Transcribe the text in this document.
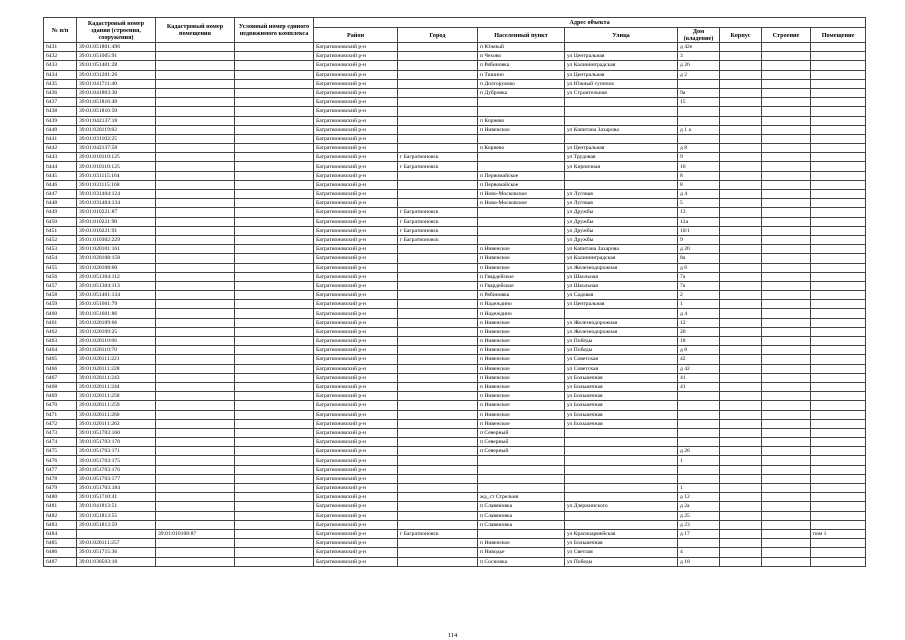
№ п/п	Кадастровый номер здания (строения, сооружения)	Кадастровый номер помещения	Условный номер единого недвижимого комплекса	Адрес объекта							
				Район	Город	Населенный пункт	Улица	Дом (владение)	Корпус	Строение	Помещение
6431	39:01:051801:496			Багратионовский р-н		п Южный		д 42е			
6432	39:01:051005:91			Багратионовский р-н		п Чехово	ул Центральная	3			
6433	39:01:051401:28			Багратионовский р-н		п Рябиновка	ул Калининградская	д 26			
6434	39:01:031201:26			Багратионовский р-н		п Тишино	ул Центральная	д 2			
6435	39:01:041711:40			Багратионовский р-н		п Долгоруково	ул Южный тупичок				
6436	39:01:041803:30			Багратионовский р-н		п Дубровка	ул Строительная	9а			
6437	39:01:051816:49			Багратионовский р-н				15			
6438	39:01:051816:50			Багратионовский р-н							
6439	39:01:042137:18			Багратионовский р-н		п Корнево					
6440	39:01:020119:82			Багратионовский р-н		п Нивенское	ул Капитана Захарова	д 1 а			
6441	39:01:031102:25			Багратионовский р-н							
6442	39:01:042137:58			Багратионовский р-н		п Корнево	ул Центральная	д 8			
6443	39:01:010110:125			Багратионовский р-н	г Багратионовск		ул Трудовая	9			
6444	39:01:010110:125			Багратионовский р-н	г Багратионовск		ул Кирпичная	16			
6445	39:01:031115:164			Багратионовский р-н		п Первомайское		8			
6446	39:01:031115:168			Багратионовский р-н		п Первомайское		8			
6447	39:01:031404:124			Багратионовский р-н		п Ново-Московское	ул Луговая	д 4			
6448	39:01:031404:134			Багратионовский р-н		п Ново-Московское	ул Луговая	5			
6449	39:01:010221:87			Багратионовский р-н	г Багратионовск		ул Дружбы	13			
6450	39:01:010221:90			Багратионовский р-н	г Багратионовск		ул Дружбы	12а			
6451	39:01:010221:91			Багратионовский р-н	г Багратионовск		ул Дружбы	10/1			
6452	39:01:010302:229			Багратионовский р-н	г Багратионовск		ул Дружбы	9			
6453	39:01:020101:161			Багратионовский р-н		п Нивенское	ул Капитана Захарова	д 20			
6454	39:01:020108:158			Багратионовский р-н		п Нивенское	ул Калининградская	8а			
6455	39:01:020108:60			Багратионовский р-н		п Нивенское	ул Железнодорожная	д 6			
6456	39:01:051304:112			Багратионовский р-н		п Гвардейское	ул Школьная	7а			
6457	39:01:051304:113			Багратионовский р-н		п Гвардейское	ул Школьная	7а			
6458	39:01:051401:134			Багратионовский р-н		п Рябиновка	ул Садовая	2			
6459	39:01:051601:79			Багратионовский р-н		п Надеждино	ул Центральная	1			
6460	39:01:051601:86			Багратионовский р-н		п Надеждино		д 4			
6461	39:01:020109:66			Багратионовский р-н		п Нивенское	ул Железнодорожная	12			
6462	39:01:020109:25			Багратионовский р-н		п Нивенское	ул Железнодорожная	20			
6463	39:01:020110:66			Багратионовский р-н		п Нивенское	ул Победы	18			
6464	39:01:020110:70			Багратионовский р-н		п Нивенское	ул Победы	д 8			
6465	39:01:020111:221			Багратионовский р-н		п Нивенское	ул Советская	42			
6466	39:01:020111:228			Багратионовский р-н		п Нивенское	ул Советская	д 42			
6467	39:01:020111:243			Багратионовский р-н		п Нивенское	ул Большечная	41			
6468	39:01:020111:244			Багратионовский р-н		п Нивенское	ул Большечная	41			
6469	39:01:020111:258			Багратионовский р-н		п Нивенское	ул Большечная				
6470	39:01:020111:259			Багратионовский р-н		п Нивенское	ул Большечная				
6471	39:01:020111:260			Багратионовский р-н		п Нивенское	ул Большечная				
6472	39:01:020111:262			Багратионовский р-н		п Нивенское	ул Большечная				
6473	39:01:051703:160			Багратионовский р-н		п Северный					
6474	39:01:051703:170			Багратионовский р-н		п Северный					
6475	39:01:051703:171			Багратионовский р-н		п Северный		д 26			
6476	39:01:051703:175			Багратионовский р-н				1			
6477	39:01:051703:176			Багратионовский р-н							
6478	39:01:051703:177			Багратионовский р-н							
6479	39:01:051703:184			Багратионовский р-н				1			
6480	39:01:051710:41			Багратионовский р-н		жд_ст Стрельня		д 12			
6481	39:01:041813:51			Багратионовский р-н		п Славяновка	ул Дзержинского	д 2а			
6482	39:01:051813:55			Багратионовский р-н		п Славяновка		д 25			
6483	39:01:051813:59			Багратионовский р-н		п Славяновка		д 23			
6484		39:01:010108:87		Багратионовский р-н	г Багратионовск		ул Красноармейская	д 17			пом 1
6485	39:01:020111:257			Багратионовский р-н		п Нивенское	ул Большечная				
6486	39:01:051715:36			Багратионовский р-н		п Ниводье	ул Светлая	4			
6487	39:01:030503:18			Багратионовский р-н		п Сосновка	ул Победы	д 18			
114
